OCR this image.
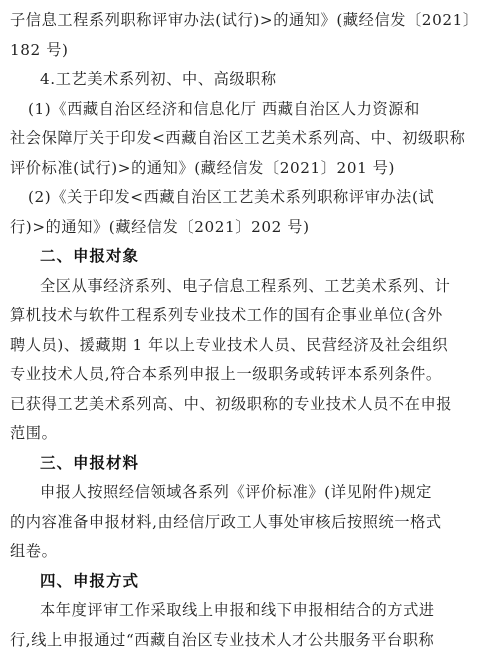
子信息工程系列职称评审办法(试行)>的通知》(藏经信发〔2021〕
182 号)
4.工艺美术系列初、中、高级职称
(1)《西藏自治区经济和信息化厅 西藏自治区人力资源和
社会保障厅关于印发<西藏自治区工艺美术系列高、中、初级职称
评价标准(试行)>的通知》(藏经信发〔2021〕201 号)
(2)《关于印发<西藏自治区工艺美术系列职称评审办法(试
行)>的通知》(藏经信发〔2021〕202 号)
二、申报对象
全区从事经济系列、电子信息工程系列、工艺美术系列、计
算机技术与软件工程系列专业技术工作的国有企事业单位(含外
聘人员)、援藏期 1 年以上专业技术人员、民营经济及社会组织
专业技术人员,符合本系列申报上一级职务或转评本系列条件。
已获得工艺美术系列高、中、初级职称的专业技术人员不在申报
范围。
三、申报材料
申报人按照经信领域各系列《评价标准》(详见附件)规定
的内容准备申报材料,由经信厅政工人事处审核后按照统一格式
组卷。
四、申报方式
本年度评审工作采取线上申报和线下申报相结合的方式进
行,线上申报通过“西藏自治区专业技术人才公共服务平台职称
